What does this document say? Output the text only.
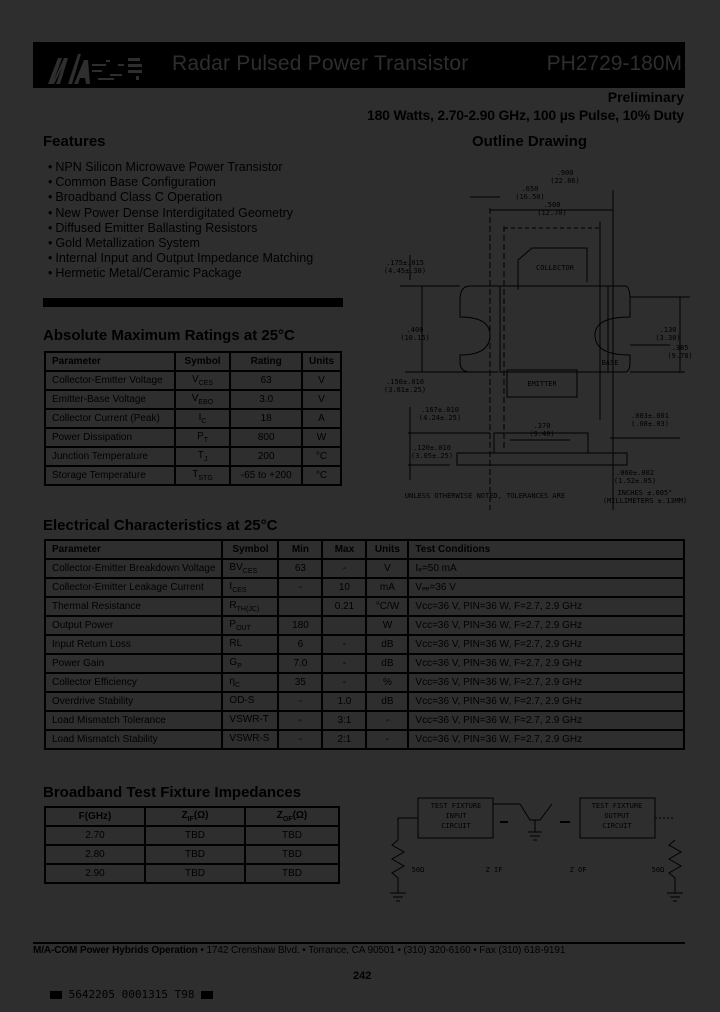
Radar Pulsed Power Transistor	PH2729-180M
Preliminary
180 Watts, 2.70-2.90 GHz, 100 µs Pulse, 10% Duty
Features
• NPN Silicon Microwave Power Transistor
• Common Base Configuration
• Broadband Class C Operation
• New Power Dense Interdigitated Geometry
• Diffused Emitter Ballasting Resistors
• Gold Metallization System
• Internal Input and Output Impedance Matching
• Hermetic Metal/Ceramic Package
Outline Drawing
.900
(22.86)
.650
(16.50)
.500
(12.70)
COLLECTOR
EMITTER
BASE
.175±.015
(4.45±.38)
.400
(10.16)
.130
(3.30)
.385
(9.78)
.150±.010
(3.81±.25)
.370
(9.40)
.167±.010
(4.24±.25)
.120±.010
(3.05±.25)
.003±.001
(.08±.03)
.060±.002
(1.52±.05)
UNLESS OTHERWISE NOTED, TOLERANCES ARE	INCHES ±.005"
(MILLIMETERS ±.13MM)
Absolute Maximum Ratings at 25°C
Parameter	Symbol	Rating	Units
Collector-Emitter Voltage	$V_{CES}$	63	V
Emitter-Base Voltage	$V_{EBO}$	3.0	V
Collector Current (Peak)	$I_C$	18	A
Power Dissipation	$P_T$	800	W
Junction Temperature	$T_J$	200	°C
Storage Temperature	$T_{STG}$	-65 to +200	°C
Electrical Characteristics at 25°C
Parameter	Symbol	Min	Max	Units	Test Conditions
Collector-Emitter Breakdown Voltage	$BV_{CES}$	63	-	V	Iₑ=50 mA
Collector-Emitter Leakage Current	$I_{CES}$	-	10	mA	Vₑₑ=36 V
Thermal Resistance	$R_{TH(JC)}$		0.21	°C/W	Vcc=36 V, PIN=36 W, F=2.7, 2.9 GHz
Output Power	$P_{OUT}$	180		W	Vcc=36 V, PIN=36 W, F=2.7, 2.9 GHz
Input Return Loss	RL	6	-	dB	Vcc=36 V, PIN=36 W, F=2.7, 2.9 GHz
Power Gain	$G_P$	7.0	-	dB	Vcc=36 V, PIN=36 W, F=2.7, 2.9 GHz
Collector Efficiency	$\eta_C$	35	-	%	Vcc=36 V, PIN=36 W, F=2.7, 2.9 GHz
Overdrive Stability	OD-S	-	1.0	dB	Vcc=36 V, PIN=36 W, F=2.7, 2.9 GHz
Load Mismatch Tolerance	VSWR-T	-	3:1	-	Vcc=36 V, PIN=36 W, F=2.7, 2.9 GHz
Load Mismatch Stability	VSWR-S	-	2:1	-	Vcc=36 V, PIN=36 W, F=2.7, 2.9 GHz
Broadband Test Fixture Impedances
F(GHz)	$Z_{IF}(\Omega)$	$Z_{OF}(\Omega)$
2.70	TBD	TBD
2.80	TBD	TBD
2.90	TBD	TBD
TEST FIXTURE
INPUT
CIRCUIT
TEST FIXTURE
OUTPUT
CIRCUIT
50Ω	50Ω
Z IF	Z OF
M/A-COM Power Hybrids Operation • 1742 Crenshaw Blvd. • Torrance, CA 90501 • (310) 320-6160 • Fax (310) 618-9191
242
5642205 0001315 T98
